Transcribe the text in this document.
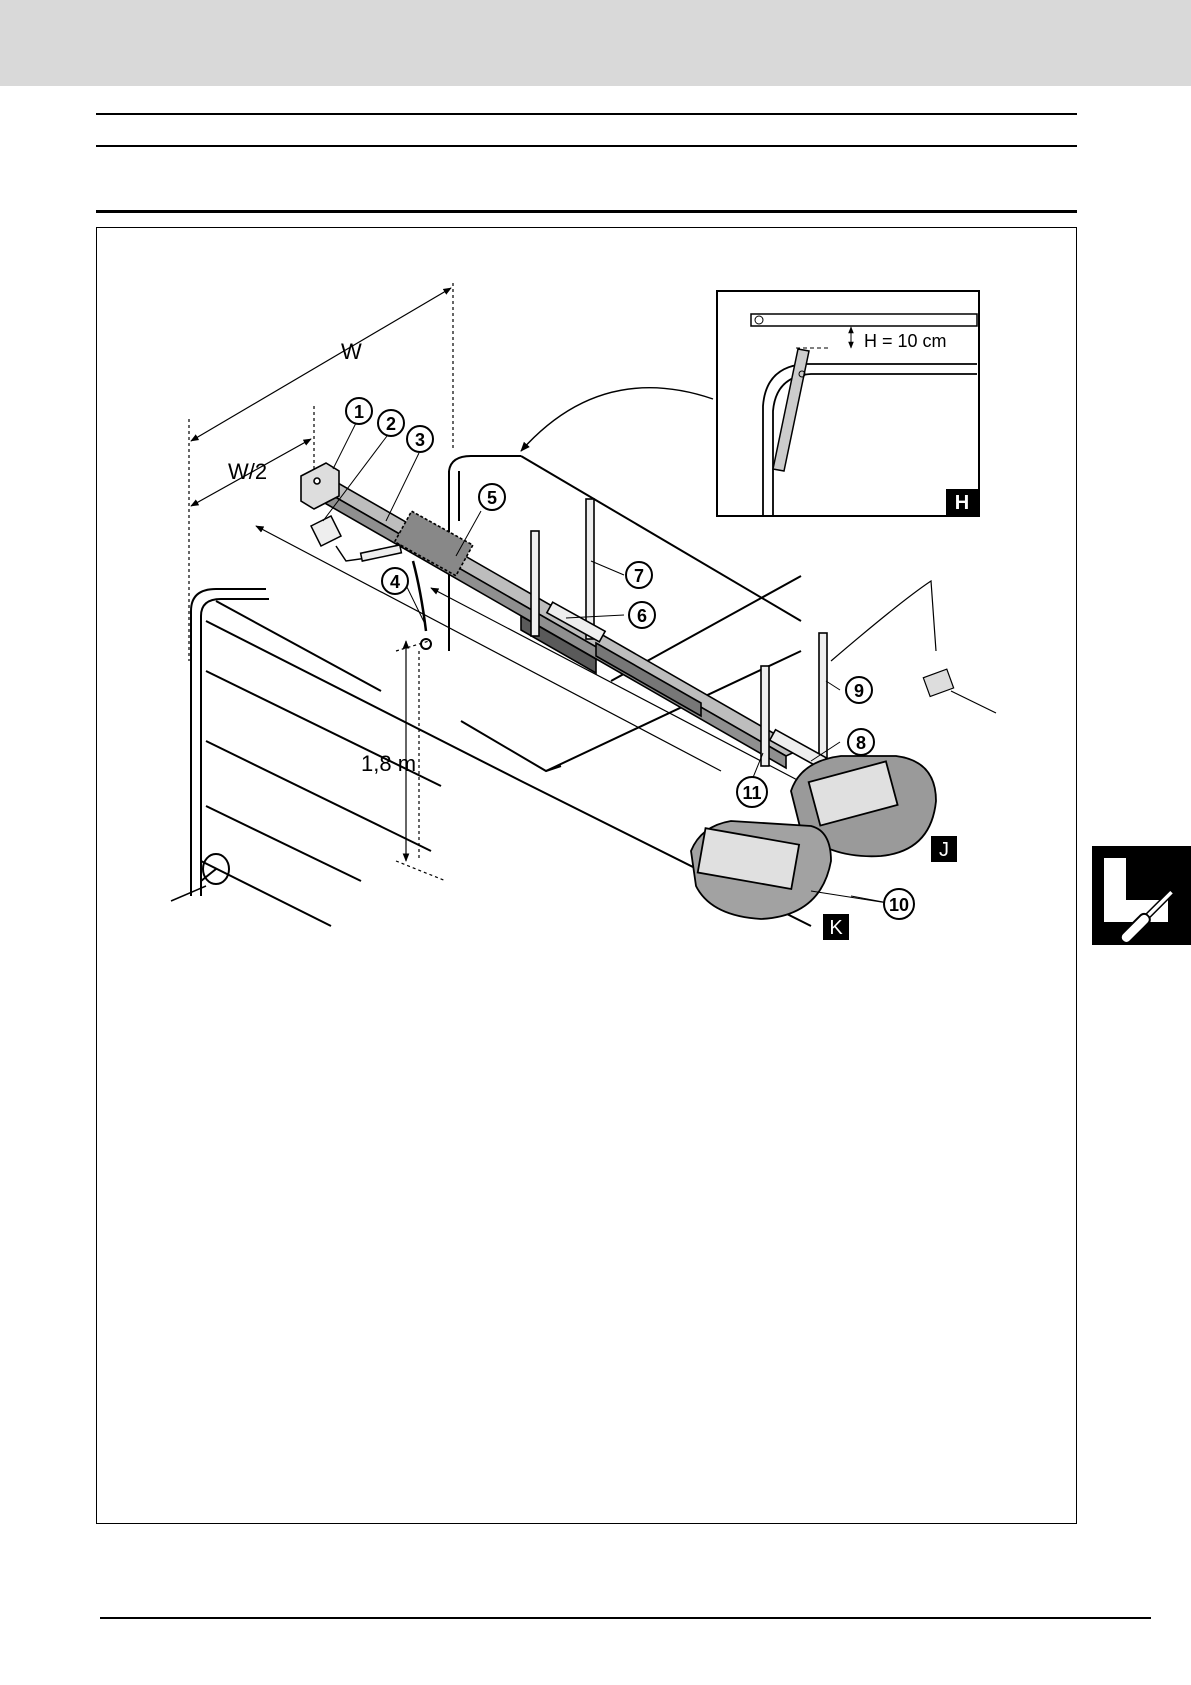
H
H = 10 cm
W
W/2
1,8 m
J
K
1
2
3
4
5
6
7
8
9
10
11
